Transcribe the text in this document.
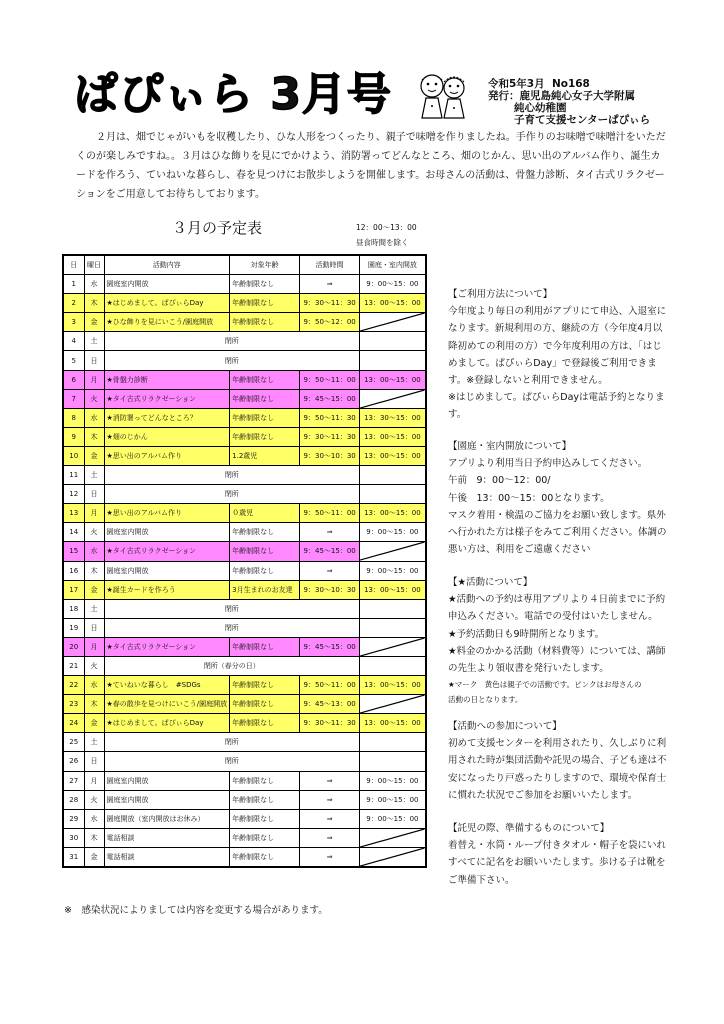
ぱぴぃら 3月号	令和5年3月 No168
発行：鹿児島純心女子大学附属
純心幼稚園
子育て支援センターぱぴぃら
２月は、畑でじゃがいもを収穫したり、ひな人形をつくったり、親子で味噌を作りましたね。手作りのお味噌で味噌汁をいただくのが楽しみですね。。３月はひな飾りを見にでかけよう、消防署ってどんなところ、畑のじかん、思い出のアルバム作り、誕生カードを作ろう、ていねいな暮らし、春を見つけにお散歩しようを開催します。お母さんの活動は、骨盤力診断、タイ古式リラクゼーションをご用意してお待ちしております。
３月の予定表	12：00～13：00
昼食時間を除く
日	曜日	活動内容	対象年齢	活動時間	園庭・室内開放
1	水	園庭室内開放	年齢制限なし	⇒	9：00～15：00
2	木	★はじめまして。ぱぴぃらDay	年齢制限なし	9：30～11：30	13：00～15：00
3	金	★ひな飾りを見にいこう/園庭開放	年齢制限なし	9：50～12：00	

4	土	閉所			
5	日	閉所			
6	月	★骨盤力診断	年齢制限なし	9：50～11：00	13：00～15：00
7	火	★タイ古式リラクゼーション	年齢制限なし	9：45～15：00	

8	水	★消防署ってどんなところ？	年齢制限なし	9：50～11：30	13：30～15：00
9	木	★畑のじかん	年齢制限なし	9：30～11：30	13：00～15：00
10	金	★思い出のアルバム作り	1.2歳児	9：30～10：30	13：00～15：00
11	土	閉所			
12	日	閉所			
13	月	★思い出のアルバム作り	０歳児	9：50～11：00	13：00～15：00
14	火	園庭室内開放	年齢制限なし	⇒	9：00～15：00
15	水	★タイ古式リラクゼーション	年齢制限なし	9：45～15：00	

16	木	園庭室内開放	年齢制限なし	⇒	9：00～15：00
17	金	★誕生カードを作ろう	3月生まれのお友達	9：30～10：30	13：00～15：00
18	土	閉所			
19	日	閉所			
20	月	★タイ古式リラクゼーション	年齢制限なし	9：45～15：00	

21	火	閉所（春分の日）			
22	水	★ていねいな暮らし　#SDGs	年齢制限なし	9：50～11：00	13：00～15：00
23	木	★春の散歩を見つけにいこう/園庭開放	年齢制限なし	9：45～13：00	

24	金	★はじめまして。ぱぴぃらDay	年齢制限なし	9：30～11：30	13：00～15：00
25	土	閉所			
26	日	閉所			
27	月	園庭室内開放	年齢制限なし	⇒	9：00～15：00
28	火	園庭室内開放	年齢制限なし	⇒	9：00～15：00
29	水	園庭開放（室内開放はお休み）	年齢制限なし	⇒	9：00～15：00
30	木	電話相談	年齢制限なし	⇒	

31	金	電話相談	年齢制限なし	⇒	
※　感染状況によりましては内容を変更する場合があります。
【ご利用方法について】
今年度より毎日の利用がアプリにて申込、入退室に
なります。新規利用の方、継続の方（今年度4月以
降初めての利用の方）で今年度利用の方は、「はじ
めまして。ぱぴぃらDay」で登録後ご利用できま
す。※登録しないと利用できません。
※はじめまして。ぱぴぃらDayは電話予約となりま
す。
【園庭・室内開放について】
アプリより利用当日予約申込みしてください。
午前　9：00～12：00/
午後　13：00～15：00となります。
マスク着用・検温のご協力をお願い致します。県外
へ行かれた方は様子をみてご利用ください。体調の
悪い方は、利用をご遠慮ください
【★活動について】
★活動への予約は専用アプリより４日前までに予約
申込みください。電話での受付はいたしません。
★予約活動日も9時開所となります。
★料金のかかる活動（材料費等）については、講師
の先生より領収書を発行いたします。
★マーク　黄色は親子での活動です。ピンクはお母さんの
活動の日となります。
【活動への参加について】
初めて支援センターを利用されたり、久しぶりに利
用された時が集団活動や託児の場合、子ども達は不
安になったり戸惑ったりしますので、環境や保育士
に慣れた状況でご参加をお願いいたします。
【託児の際、準備するものについて】
着替え・水筒・ループ付きタオル・帽子を袋にいれ
すべてに記名をお願いいたします。歩ける子は靴を
ご準備下さい。
